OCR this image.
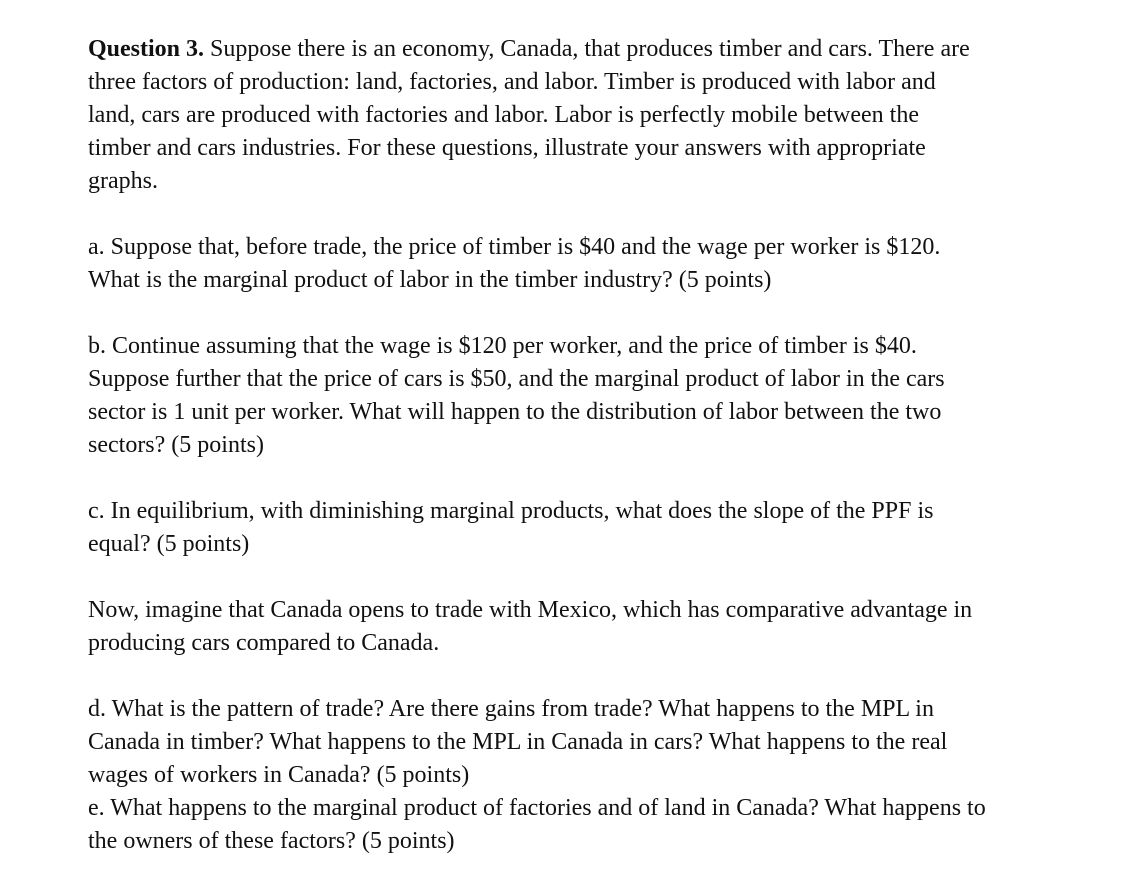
Question 3. Suppose there is an economy, Canada, that produces timber and cars. There are
three factors of production: land, factories, and labor. Timber is produced with labor and
land, cars are produced with factories and labor. Labor is perfectly mobile between the
timber and cars industries. For these questions, illustrate your answers with appropriate
graphs.
a. Suppose that, before trade, the price of timber is $40 and the wage per worker is $120.
What is the marginal product of labor in the timber industry? (5 points)
b. Continue assuming that the wage is $120 per worker, and the price of timber is $40.
Suppose further that the price of cars is $50, and the marginal product of labor in the cars
sector is 1 unit per worker. What will happen to the distribution of labor between the two
sectors? (5 points)
c. In equilibrium, with diminishing marginal products, what does the slope of the PPF is
equal? (5 points)
Now, imagine that Canada opens to trade with Mexico, which has comparative advantage in
producing cars compared to Canada.
d. What is the pattern of trade? Are there gains from trade? What happens to the MPL in
Canada in timber? What happens to the MPL in Canada in cars? What happens to the real
wages of workers in Canada? (5 points)
e. What happens to the marginal product of factories and of land in Canada? What happens to
the owners of these factors? (5 points)
